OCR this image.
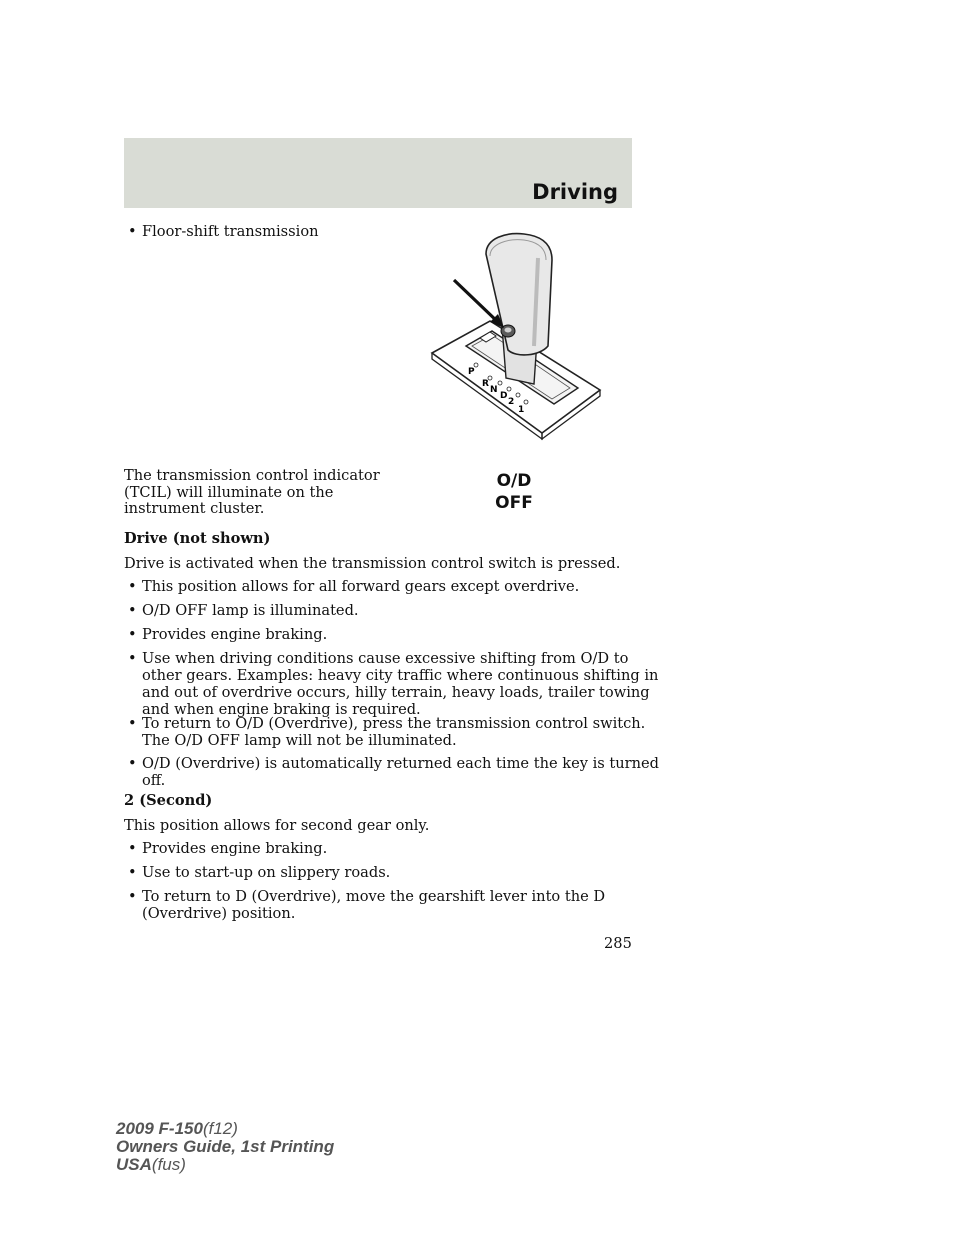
Driving
• Floor-shift transmission
P
R
N
D
2
1
The transmission control indicator
(TCIL) will illuminate on the
instrument cluster.
O/D
OFF
Drive (not shown)
Drive is activated when the transmission control switch is pressed.
• This position allows for all forward gears except overdrive.
• O/D OFF lamp is illuminated.
• Provides engine braking.
• Use when driving conditions cause excessive shifting from O/D to
other gears. Examples: heavy city traffic where continuous shifting in
and out of overdrive occurs, hilly terrain, heavy loads, trailer towing
and when engine braking is required.
• To return to O/D (Overdrive), press the transmission control switch.
The O/D OFF lamp will not be illuminated.
• O/D (Overdrive) is automatically returned each time the key is turned
off.
2 (Second)
This position allows for second gear only.
• Provides engine braking.
• Use to start-up on slippery roads.
• To return to D (Overdrive), move the gearshift lever into the D
(Overdrive) position.
285
2009 F-150(f12)
Owners Guide, 1st Printing
USA(fus)
